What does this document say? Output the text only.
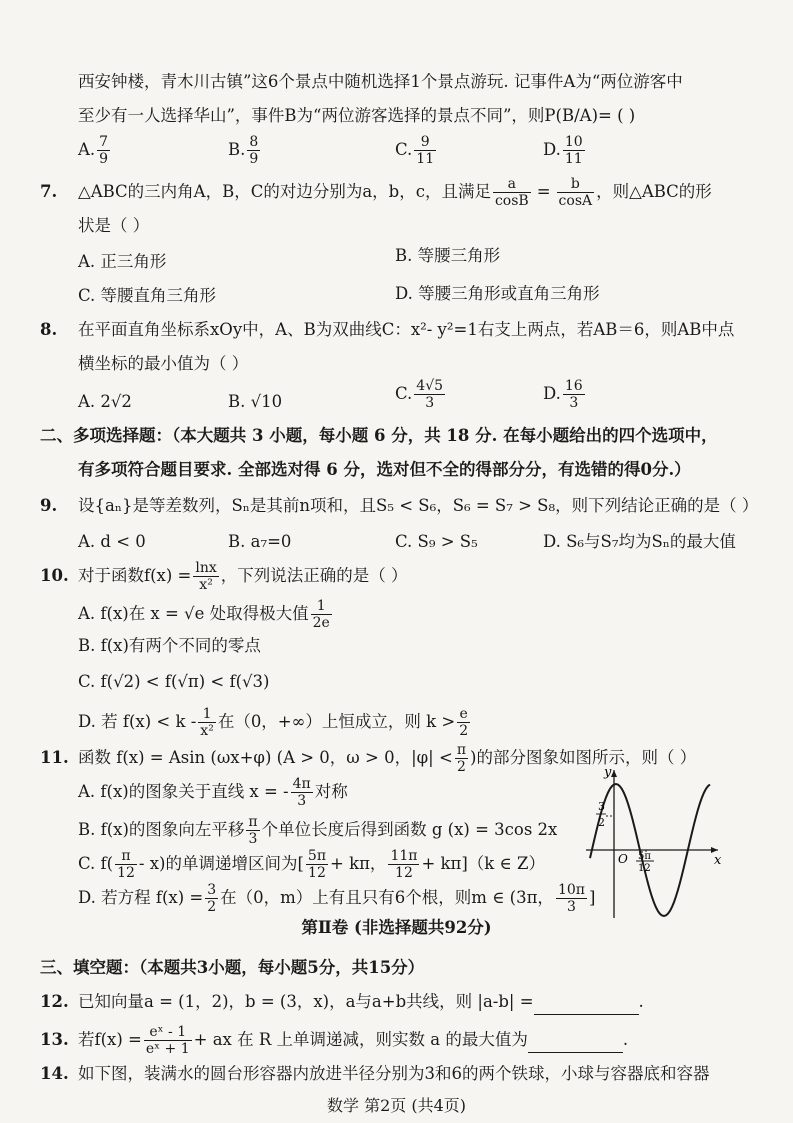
西安钟楼，青木川古镇”这6个景点中随机选择1个景点游玩. 记事件A为“两位游客中
至少有一人选择华山”，事件B为“两位游客选择的景点不同”，则P(B/A)= ( )
A. $\frac{7}{9}$	B. $\frac{8}{9}$	C. $\frac{9}{11}$	D. $\frac{10}{11}$
7. △ABC的三内角A，B，C的对边分别为a，b，c，且满足 $\frac{a}{\cos B} = \frac{b}{\cos A}$ ，则△ABC的形
状是（ ）
A. 正三角形	B. 等腰三角形
C. 等腰直角三角形	D. 等腰三角形或直角三角形
8. 在平面直角坐标系xOy中，A、B为双曲线C：x²- y²=1右支上两点，若AB＝6，则AB中点
横坐标的最小值为（ ）
A. 2√2	B. √10	C. $\frac{4√5}{3}$	D. $\frac{16}{3}$
二、多项选择题：（本大题共 3 小题，每小题 6 分，共 18 分. 在每小题给出的四个选项中，
有多项符合题目要求. 全部选对得 6 分，选对但不全的得部分分，有选错的得0分.）
9. 设{aₙ}是等差数列，Sₙ是其前n项和，且S₅ < S₆，S₆ = S₇ > S₈，则下列结论正确的是（ ）
A. d < 0	B. a₇=0	C. S₉ > S₅	D. S₆与S₇均为Sₙ的最大值
10. 对于函数$f(x) = \frac{\ln x}{\text{x²}}$ ，下列说法正确的是（ ）
A. f(x)在 x = √e 处取得极大值 $\frac{1}{2e}$
B. f(x)有两个不同的零点
C. f(√2) < f(√π) < f(√3)
D. 若 $f(x) < k - \frac{1}{\text{x²}}$ 在（0，+∞）上恒成立，则 $k > \frac{e}{2}$
11. 函数 f(x) = Asin (ωx+φ) (A > 0，ω > 0，$|\varphi| < \frac{\pi}{2}$ )的部分图象如图所示，则（ ）
A. f(x)的图象关于直线 x = - $\frac{4\pi}{3}$ 对称
B. f(x)的图象向左平移 $\frac{\pi}{3}$ 个单位长度后得到函数 g (x) = 3cos 2x
C. $f( \frac{\pi}{12} - x)$的单调递增区间为[ $\frac{5\pi}{12} + k\pi$， $\frac{11\pi}{12} + k\pi](k$ ∈ Z）
D. 若方程 $f(x) = \frac{3}{2}$ 在（0，m）上有且只有6个根，则m ∈ (3π， $\frac{10\pi}{3}$ ]
y
x
O
3
2
5π
12
第Ⅱ卷 (非选择题共92分)
三、填空题：（本题共3小题，每小题5分，共15分）
12. 已知向量a = (1，2)，b = (3，x)，a与a+b共线，则 |a-b| =	.
13. 若$f(x) = \frac{\text{eˣ - 1}}{\text{eˣ + 1}}$ + ax 在 R 上单调递减，则实数 a 的最大值为	.
14. 如下图，装满水的圆台形容器内放进半径分别为3和6的两个铁球，小球与容器底和容器
数学 第2页 (共4页)
